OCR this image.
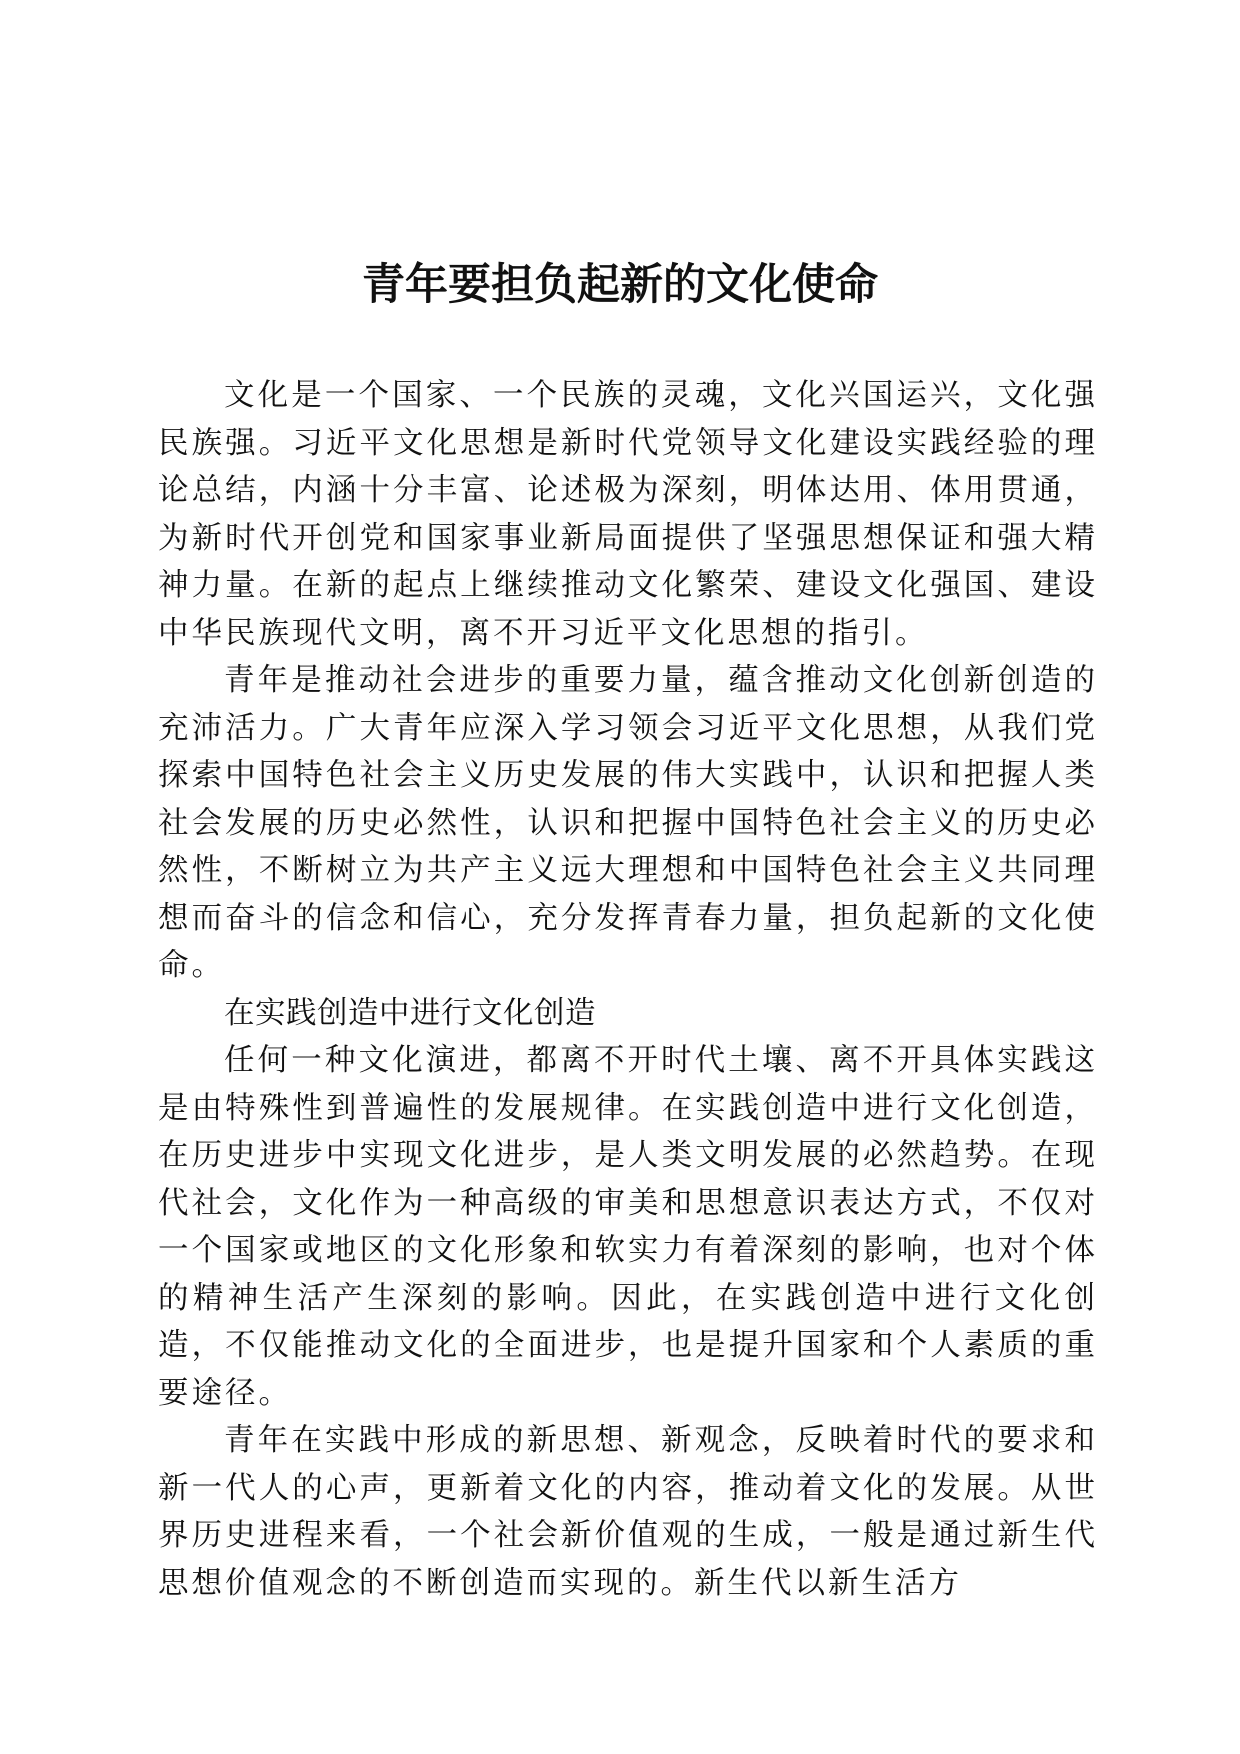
青年要担负起新的文化使命

文化是一个国家、一个民族的灵魂，文化兴国运兴，文化强民族强。习近平文化思想是新时代党领导文化建设实践经验的理论总结，内涵十分丰富、论述极为深刻，明体达用、体用贯通，为新时代开创党和国家事业新局面提供了坚强思想保证和强大精神力量。在新的起点上继续推动文化繁荣、建设文化强国、建设中华民族现代文明，离不开习近平文化思想的指引。

青年是推动社会进步的重要力量，蕴含推动文化创新创造的充沛活力。广大青年应深入学习领会习近平文化思想，从我们党探索中国特色社会主义历史发展的伟大实践中，认识和把握人类社会发展的历史必然性，认识和把握中国特色社会主义的历史必然性，不断树立为共产主义远大理想和中国特色社会主义共同理想而奋斗的信念和信心，充分发挥青春力量，担负起新的文化使命。

在实践创造中进行文化创造

任何一种文化演进，都离不开时代土壤、离不开具体实践这是由特殊性到普遍性的发展规律。在实践创造中进行文化创造，在历史进步中实现文化进步，是人类文明发展的必然趋势。在现代社会，文化作为一种高级的审美和思想意识表达方式，不仅对一个国家或地区的文化形象和软实力有着深刻的影响，也对个体的精神生活产生深刻的影响。因此，在实践创造中进行文化创造，不仅能推动文化的全面进步，也是提升国家和个人素质的重要途径。

青年在实践中形成的新思想、新观念，反映着时代的要求和新一代人的心声，更新着文化的内容，推动着文化的发展。从世界历史进程来看，一个社会新价值观的生成，一般是通过新生代思想价值观念的不断创造而实现的。新生代以新生活方
